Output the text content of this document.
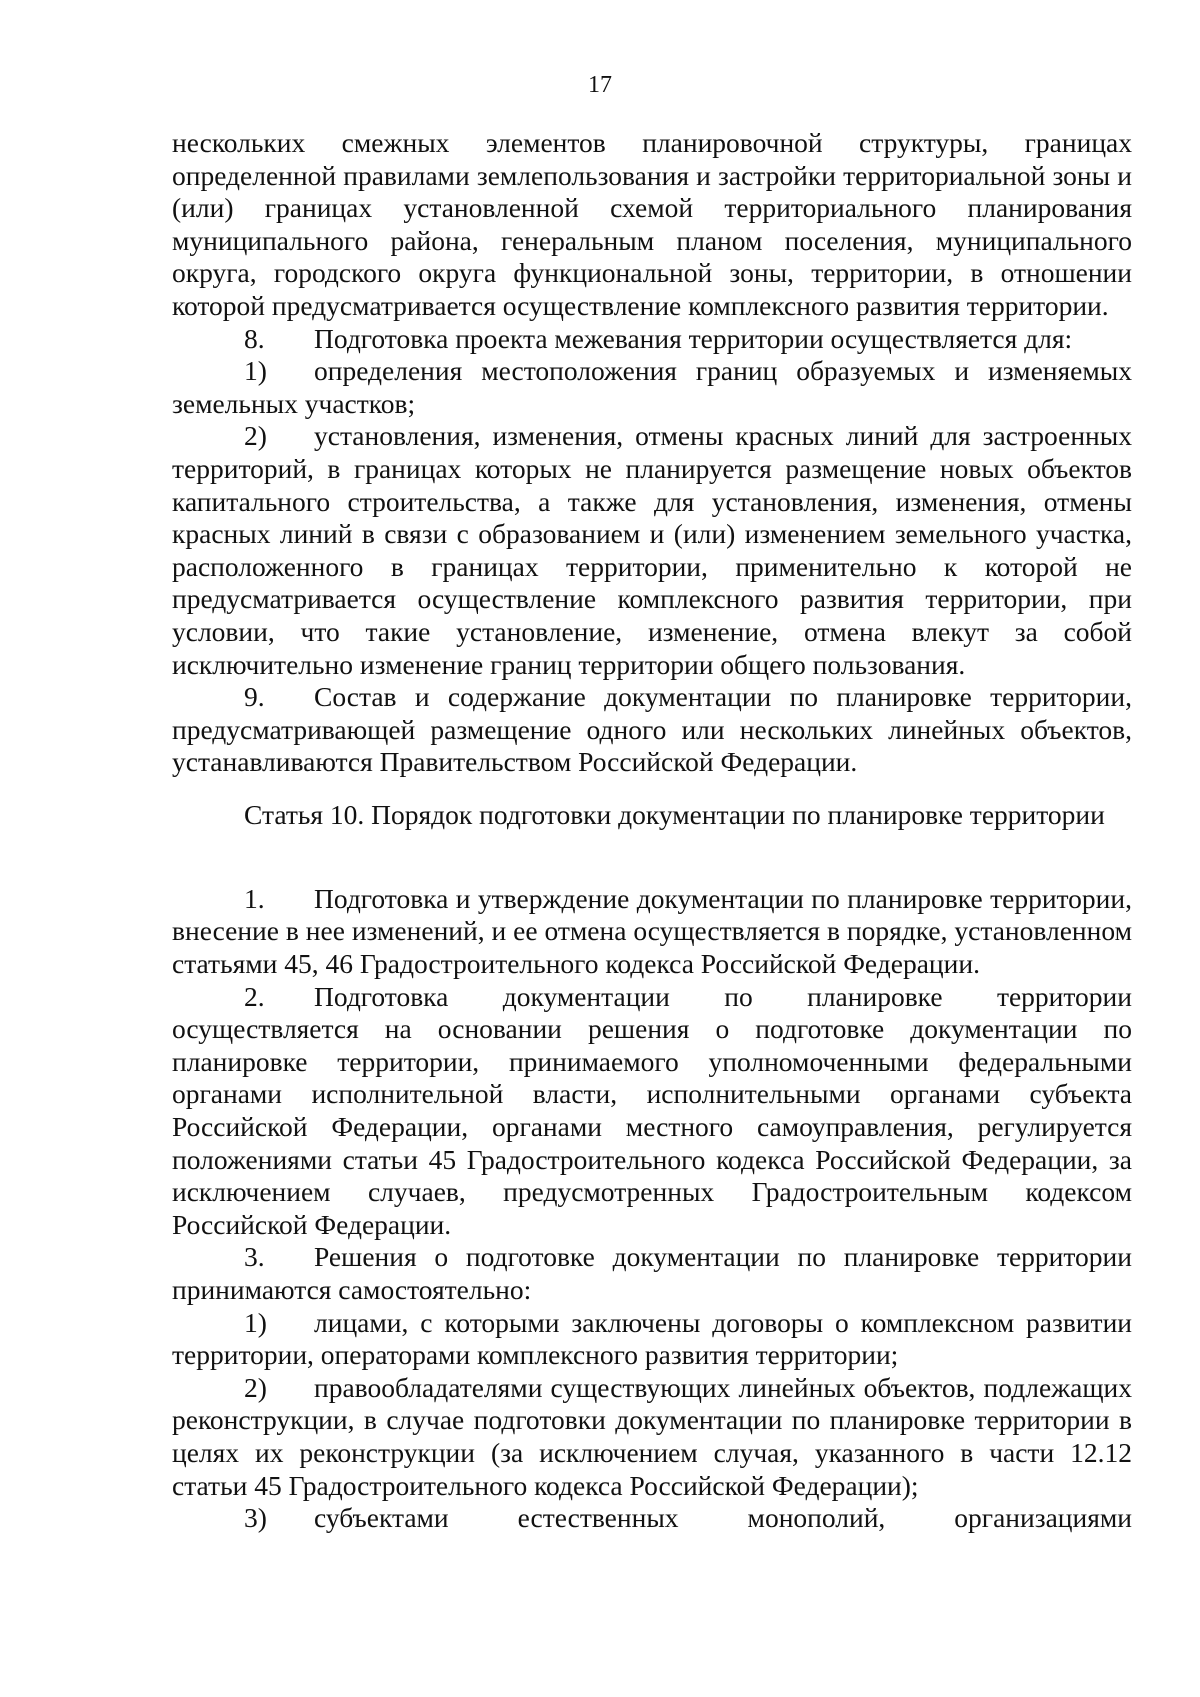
17

нескольких смежных элементов планировочной структуры, границах определенной правилами землепользования и застройки территориальной зоны и (или) границах установленной схемой территориального планирования муниципального района, генеральным планом поселения, муниципального округа, городского округа функциональной зоны, территории, в отношении которой предусматривается осуществление комплексного развития территории.

8. Подготовка проекта межевания территории осуществляется для:

1) определения местоположения границ образуемых и изменяемых земельных участков;

2) установления, изменения, отмены красных линий для застроенных территорий, в границах которых не планируется размещение новых объектов капитального строительства, а также для установления, изменения, отмены красных линий в связи с образованием и (или) изменением земельного участка, расположенного в границах территории, применительно к которой не предусматривается осуществление комплексного развития территории, при условии, что такие установление, изменение, отмена влекут за собой исключительно изменение границ территории общего пользования.

9. Состав и содержание документации по планировке территории, предусматривающей размещение одного или нескольких линейных объектов, устанавливаются Правительством Российской Федерации.

Статья 10. Порядок подготовки документации по планировке территории

1. Подготовка и утверждение документации по планировке территории, внесение в нее изменений, и ее отмена осуществляется в порядке, установленном статьями 45, 46 Градостроительного кодекса Российской Федерации.

2. Подготовка документации по планировке территории осуществляется на основании решения о подготовке документации по планировке территории, принимаемого уполномоченными федеральными органами исполнительной власти, исполнительными органами субъекта Российской Федерации, органами местного самоуправления, регулируется положениями статьи 45 Градостроительного кодекса Российской Федерации, за исключением случаев, предусмотренных Градостроительным кодексом Российской Федерации.

3. Решения о подготовке документации по планировке территории принимаются самостоятельно:

1) лицами, с которыми заключены договоры о комплексном развитии территории, операторами комплексного развития территории;

2) правообладателями существующих линейных объектов, подлежащих реконструкции, в случае подготовки документации по планировке территории в целях их реконструкции (за исключением случая, указанного в части 12.12 статьи 45 Градостроительного кодекса Российской Федерации);

3) субъектами естественных монополий, организациями
